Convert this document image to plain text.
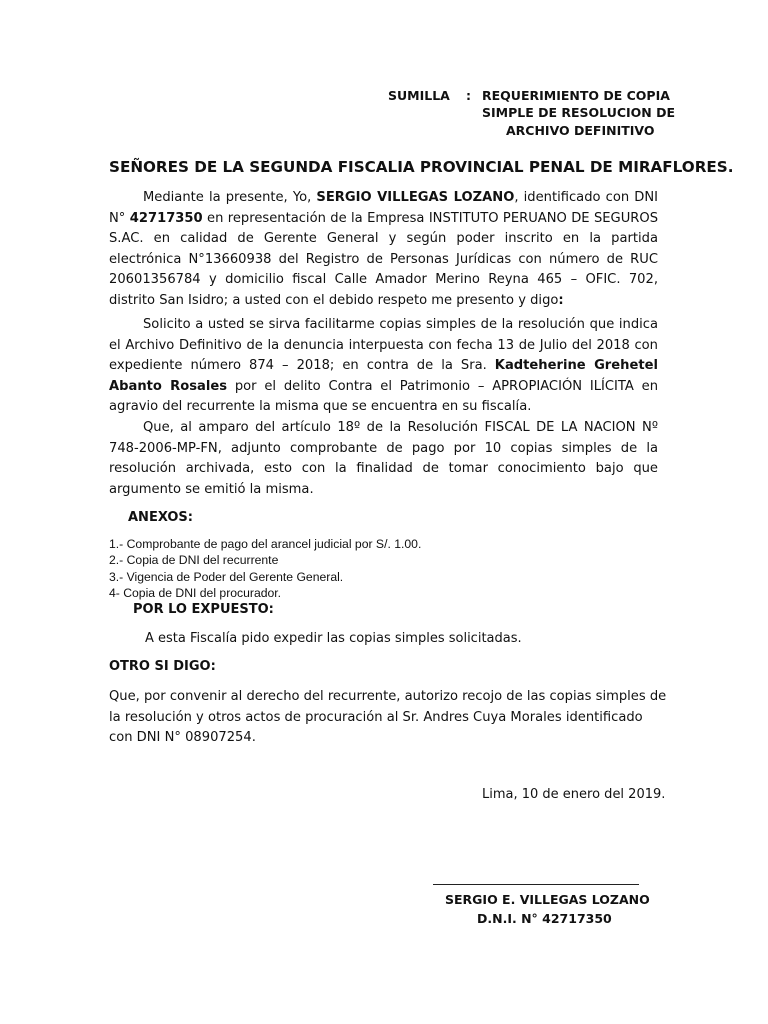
SUMILLA : REQUERIMIENTO DE COPIA
SIMPLE DE RESOLUCION DE
ARCHIVO DEFINITIVO
SEÑORES DE LA SEGUNDA FISCALIA PROVINCIAL PENAL DE MIRAFLORES.
Mediante la presente, Yo, SERGIO VILLEGAS LOZANO, identificado con DNI N° 42717350 en representación de la Empresa INSTITUTO PERUANO DE SEGUROS S.AC. en calidad de Gerente General y según poder inscrito en la partida electrónica N°13660938 del Registro de Personas Jurídicas con número de RUC 20601356784 y domicilio fiscal Calle Amador Merino Reyna 465 – OFIC. 702, distrito San Isidro; a usted con el debido respeto me presento y digo:
Solicito a usted se sirva facilitarme copias simples de la resolución que indica el Archivo Definitivo de la denuncia interpuesta con fecha 13 de Julio del 2018 con expediente número 874 – 2018; en contra de la Sra. Kadteherine Grehetel Abanto Rosales por el delito Contra el Patrimonio – APROPIACIÓN ILÍCITA en agravio del recurrente la misma que se encuentra en su fiscalía.
Que, al amparo del artículo 18º de la Resolución FISCAL DE LA NACION Nº 748-2006-MP-FN, adjunto comprobante de pago por 10 copias simples de la resolución archivada, esto con la finalidad de tomar conocimiento bajo que argumento se emitió la misma.
ANEXOS:
1.- Comprobante de pago del arancel judicial por S/. 1.00.
2.- Copia de DNI del recurrente
3.- Vigencia de Poder del Gerente General.
4- Copia de DNI del procurador.
POR LO EXPUESTO:
A esta Fiscalía pido expedir las copias simples solicitadas.
OTRO SI DIGO:
Que, por convenir al derecho del recurrente, autorizo recojo de las copias simples de la resolución y otros actos de procuración al Sr. Andres Cuya Morales identificado con DNI N° 08907254.
Lima, 10 de enero del 2019.
SERGIO E. VILLEGAS LOZANO
D.N.I. N° 42717350
